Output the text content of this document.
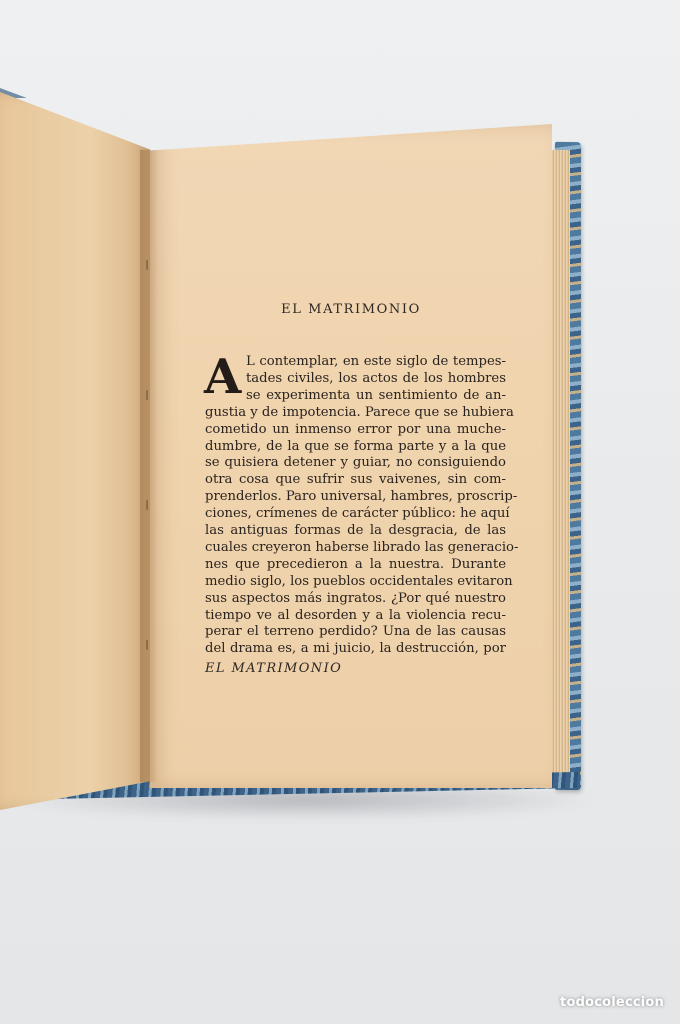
EL MATRIMONIO
A L contemplar, en este siglo de tempes-
tades civiles, los actos de los hombres
se experimenta un sentimiento de an-
gustia y de impotencia. Parece que se hubiera
cometido un inmenso error por una muche-
dumbre, de la que se forma parte y a la que
se quisiera detener y guiar, no consiguiendo
otra cosa que sufrir sus vaivenes, sin com-
prenderlos. Paro universal, hambres, proscrip-
ciones, crímenes de carácter público: he aquí
las antiguas formas de la desgracia, de las
cuales creyeron haberse librado las generacio-
nes que precedieron a la nuestra. Durante
medio siglo, los pueblos occidentales evitaron
sus aspectos más ingratos. ¿Por qué nuestro
tiempo ve al desorden y a la violencia recu-
perar el terreno perdido? Una de las causas
del drama es, a mi juicio, la destrucción, por
EL MATRIMONIO
todocoleccion
